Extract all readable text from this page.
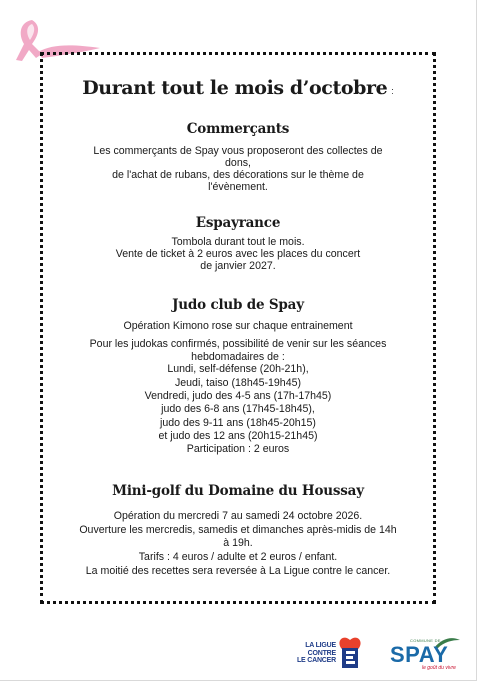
Durant tout le mois d’octobre :
Commerçants
Les commerçants de Spay vous proposeront des collectes de
dons,
de l'achat de rubans, des décorations sur le thème de
l'évènement.
Espayrance
Tombola durant tout le mois.
Vente de ticket à 2 euros avec les places du concert
de janvier 2027.
Judo club de Spay
Opération Kimono rose sur chaque entrainement
Pour les judokas confirmés, possibilité de venir sur les séances
hebdomadaires de :
Lundi, self-défense (20h-21h),
Jeudi, taiso (18h45-19h45)
Vendredi, judo des 4-5 ans (17h-17h45)
judo des 6-8 ans (17h45-18h45),
judo des 9-11 ans (18h45-20h15)
et judo des 12 ans (20h15-21h45)
Participation : 2 euros
Mini-golf du Domaine du Houssay
Opération du mercredi 7 au samedi 24 octobre 2026.
Ouverture les mercredis, samedis et dimanches après-midis de 14h
à 19h.
Tarifs : 4 euros / adulte et 2 euros / enfant.
La moitié des recettes sera reversée à La Ligue contre le cancer.
LA LIGUE
CONTRE
LE CANCER
COMMUNE DE
SPAY
le goût du vivre
